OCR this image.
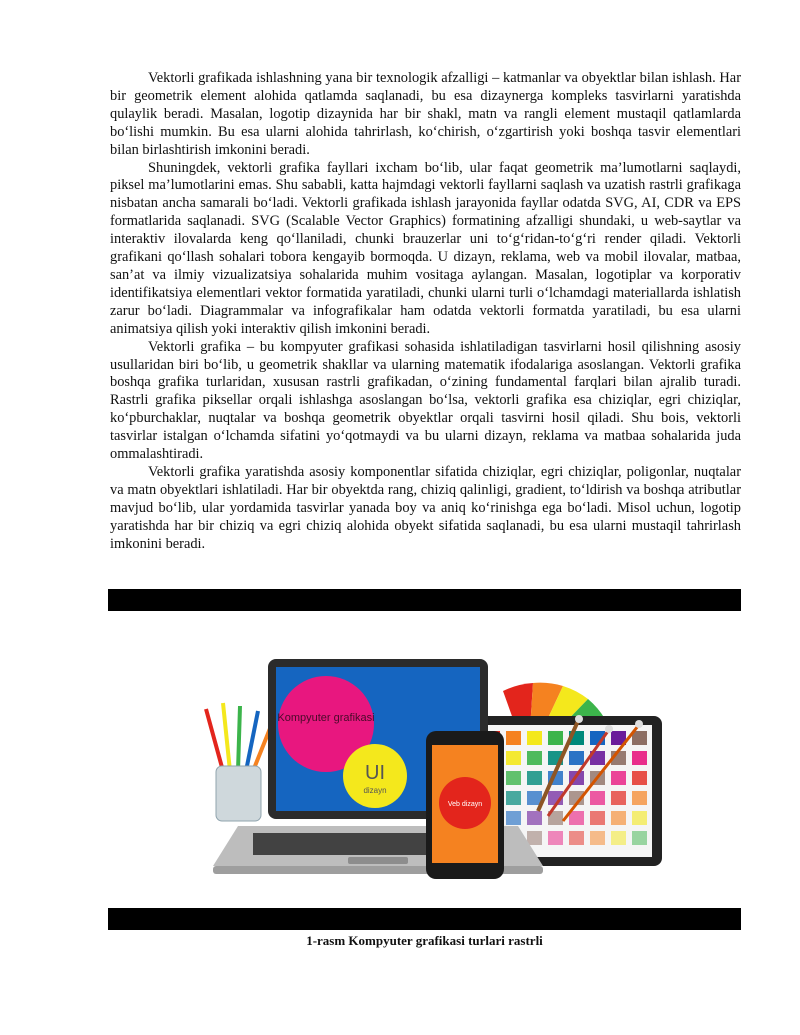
Vektorli grafikada ishlashning yana bir texnologik afzalligi – katmanlar va obyektlar bilan ishlash. Har bir geometrik element alohida qatlamda saqlanadi, bu esa dizaynerga kompleks tasvirlarni yaratishda qulaylik beradi. Masalan, logotip dizaynida har bir shakl, matn va rangli element mustaqil qatlamlarda bo‘lishi mumkin. Bu esa ularni alohida tahrirlash, ko‘chirish, o‘zgartirish yoki boshqa tasvir elementlari bilan birlashtirish imkonini beradi.

Shuningdek, vektorli grafika fayllari ixcham bo‘lib, ular faqat geometrik ma’lumotlarni saqlaydi, piksel ma’lumotlarini emas. Shu sababli, katta hajmdagi vektorli fayllarni saqlash va uzatish rastrli grafikaga nisbatan ancha samarali bo‘ladi. Vektorli grafikada ishlash jarayonida fayllar odatda SVG, AI, CDR va EPS formatlarida saqlanadi. SVG (Scalable Vector Graphics) formatining afzalligi shundaki, u web-saytlar va interaktiv ilovalarda keng qo‘llaniladi, chunki brauzerlar uni to‘g‘ridan-to‘g‘ri render qiladi. Vektorli grafikani qo‘llash sohalari tobora kengayib bormoqda. U dizayn, reklama, web va mobil ilovalar, matbaa, san’at va ilmiy vizualizatsiya sohalarida muhim vositaga aylangan. Masalan, logotiplar va korporativ identifikatsiya elementlari vektor formatida yaratiladi, chunki ularni turli o‘lchamdagi materiallarda ishlatish zarur bo‘ladi. Diagrammalar va infografikalar ham odatda vektorli formatda yaratiladi, bu esa ularni animatsiya qilish yoki interaktiv qilish imkonini beradi.

Vektorli grafika – bu kompyuter grafikasi sohasida ishlatiladigan tasvirlarni hosil qilishning asosiy usullaridan biri bo‘lib, u geometrik shakllar va ularning matematik ifodalariga asoslangan. Vektorli grafika boshqa grafika turlaridan, xususan rastrli grafikadan, o‘zining fundamental farqlari bilan ajralib turadi. Rastrli grafika piksellar orqali ishlashga asoslangan bo‘lsa, vektorli grafika esa chiziqlar, egri chiziqlar, ko‘pburchaklar, nuqtalar va boshqa geometrik obyektlar orqali tasvirni hosil qiladi. Shu bois, vektorli tasvirlar istalgan o‘lchamda sifatini yo‘qotmaydi va bu ularni dizayn, reklama va matbaa sohalarida juda ommalashtiradi.

Vektorli grafika yaratishda asosiy komponentlar sifatida chiziqlar, egri chiziqlar, poligonlar, nuqtalar va matn obyektlari ishlatiladi. Har bir obyektda rang, chiziq qalinligi, gradient, to‘ldirish va boshqa atributlar mavjud bo‘lib, ular yordamida tasvirlar yanada boy va aniq ko‘rinishga ega bo‘ladi. Misol uchun, logotip yaratishda har bir chiziq va egri chiziq alohida obyekt sifatida saqlanadi, bu esa ularni mustaqil tahrirlash imkonini beradi.

Kompyuter grafikasi
UI
dizayn
Veb dizayn
1-rasm Kompyuter grafikasi turlari rastrli
